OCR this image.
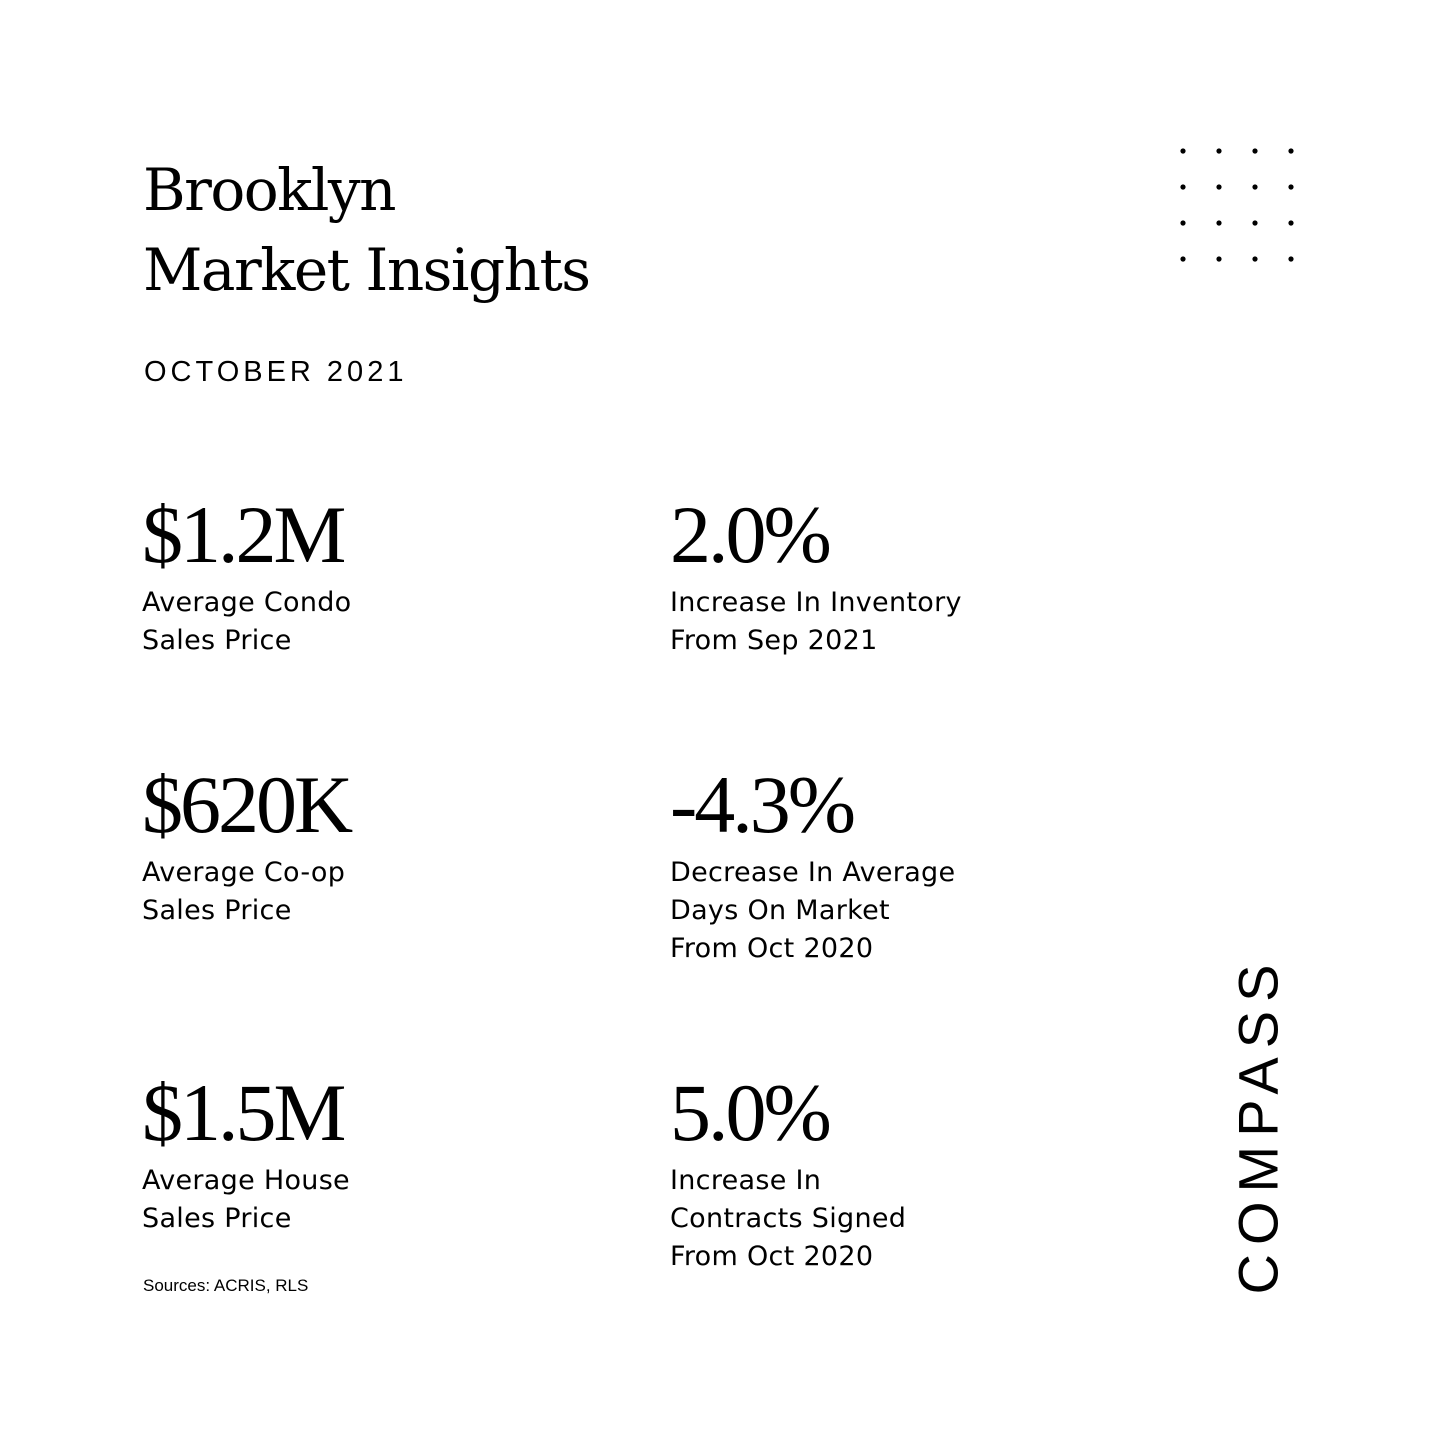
Brooklyn
Market Insights
OCTOBER 2021
$1.2M
Average Condo
Sales Price
2.0%
Increase In Inventory
From Sep 2021
$620K
Average Co-op
Sales Price
-4.3%
Decrease In Average
Days On Market
From Oct 2020
$1.5M
Average House
Sales Price
5.0%
Increase In
Contracts Signed
From Oct 2020
Sources: ACRIS, RLS	COMPASS
